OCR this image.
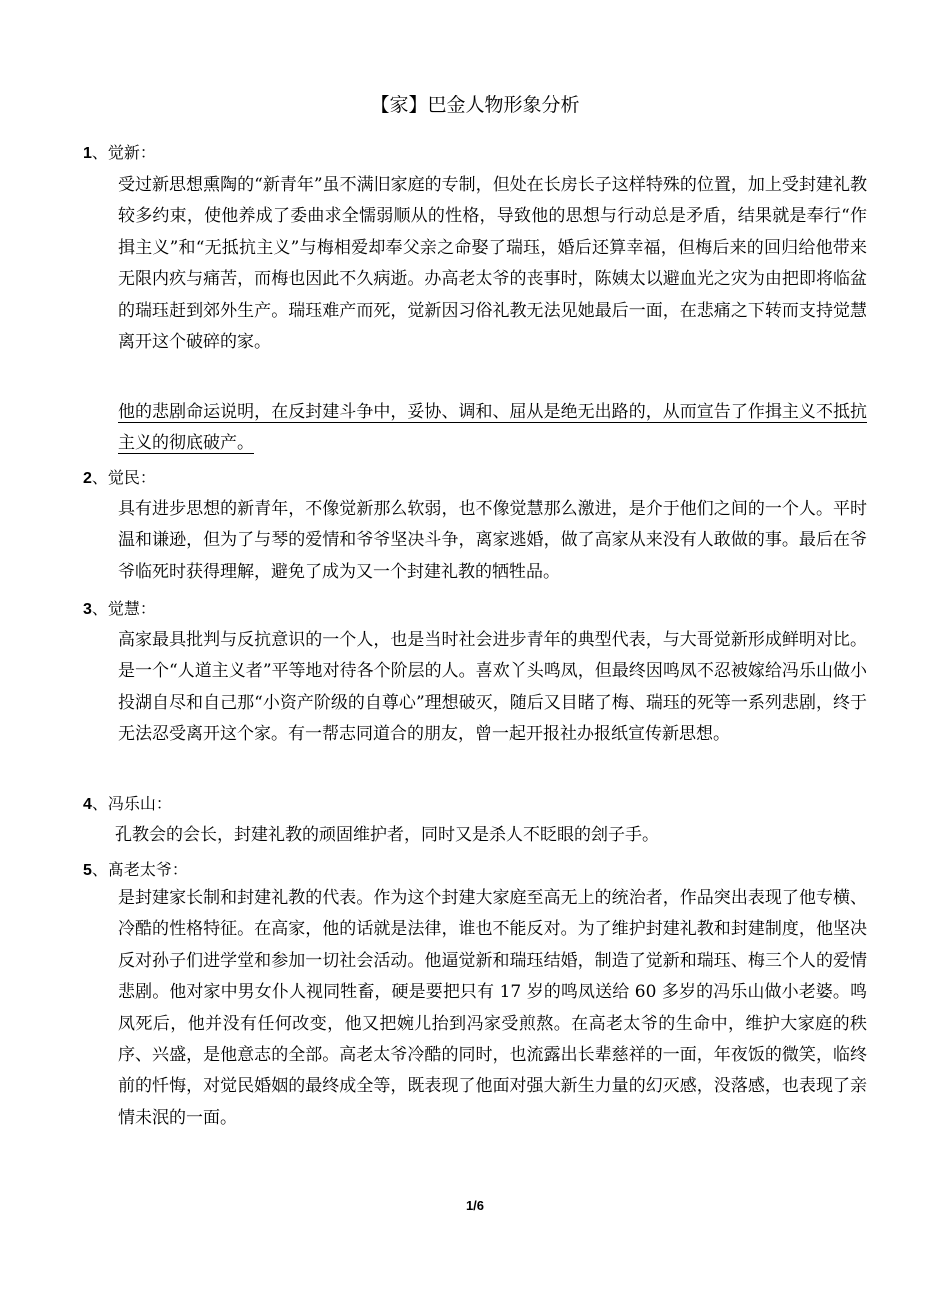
【家】巴金人物形象分析
1、觉新：
受过新思想熏陶的“新青年”虽不满旧家庭的专制，但处在长房长子这样特殊的位置，加上受封建礼教较多约束，使他养成了委曲求全懦弱顺从的性格，导致他的思想与行动总是矛盾，结果就是奉行“作揖主义”和“无抵抗主义”与梅相爱却奉父亲之命娶了瑞珏，婚后还算幸福，但梅后来的回归给他带来无限内疚与痛苦，而梅也因此不久病逝。办高老太爷的丧事时，陈姨太以避血光之灾为由把即将临盆的瑞珏赶到郊外生产。瑞珏难产而死，觉新因习俗礼教无法见她最后一面，在悲痛之下转而支持觉慧离开这个破碎的家。
他的悲剧命运说明，在反封建斗争中，妥协、调和、屈从是绝无出路的，从而宣告了作揖主义不抵抗主义的彻底破产。
2、觉民：
具有进步思想的新青年，不像觉新那么软弱，也不像觉慧那么激进，是介于他们之间的一个人。平时温和谦逊，但为了与琴的爱情和爷爷坚决斗争，离家逃婚，做了高家从来没有人敢做的事。最后在爷爷临死时获得理解，避免了成为又一个封建礼教的牺牲品。
3、觉慧：
高家最具批判与反抗意识的一个人，也是当时社会进步青年的典型代表，与大哥觉新形成鲜明对比。是一个“人道主义者”平等地对待各个阶层的人。喜欢丫头鸣凤，但最终因鸣凤不忍被嫁给冯乐山做小投湖自尽和自己那“小资产阶级的自尊心”理想破灭，随后又目睹了梅、瑞珏的死等一系列悲剧，终于无法忍受离开这个家。有一帮志同道合的朋友，曾一起开报社办报纸宣传新思想。
4、冯乐山：
孔教会的会长，封建礼教的顽固维护者，同时又是杀人不眨眼的刽子手。
5、髙老太爷：
是封建家长制和封建礼教的代表。作为这个封建大家庭至高无上的统治者，作品突出表现了他专横、冷酷的性格特征。在高家，他的话就是法律，谁也不能反对。为了维护封建礼教和封建制度，他坚决反对孙子们进学堂和参加一切社会活动。他逼觉新和瑞珏结婚，制造了觉新和瑞珏、梅三个人的爱情悲剧。他对家中男女仆人视同牲畜，硬是要把只有 17 岁的鸣凤送给 60 多岁的冯乐山做小老婆。鸣凤死后，他并没有任何改变，他又把婉儿抬到冯家受煎熬。在高老太爷的生命中，维护大家庭的秩序、兴盛，是他意志的全部。高老太爷冷酷的同时，也流露出长辈慈祥的一面，年夜饭的微笑，临终前的忏悔，对觉民婚姻的最终成全等，既表现了他面对强大新生力量的幻灭感，没落感，也表现了亲情未泯的一面。
1/6
